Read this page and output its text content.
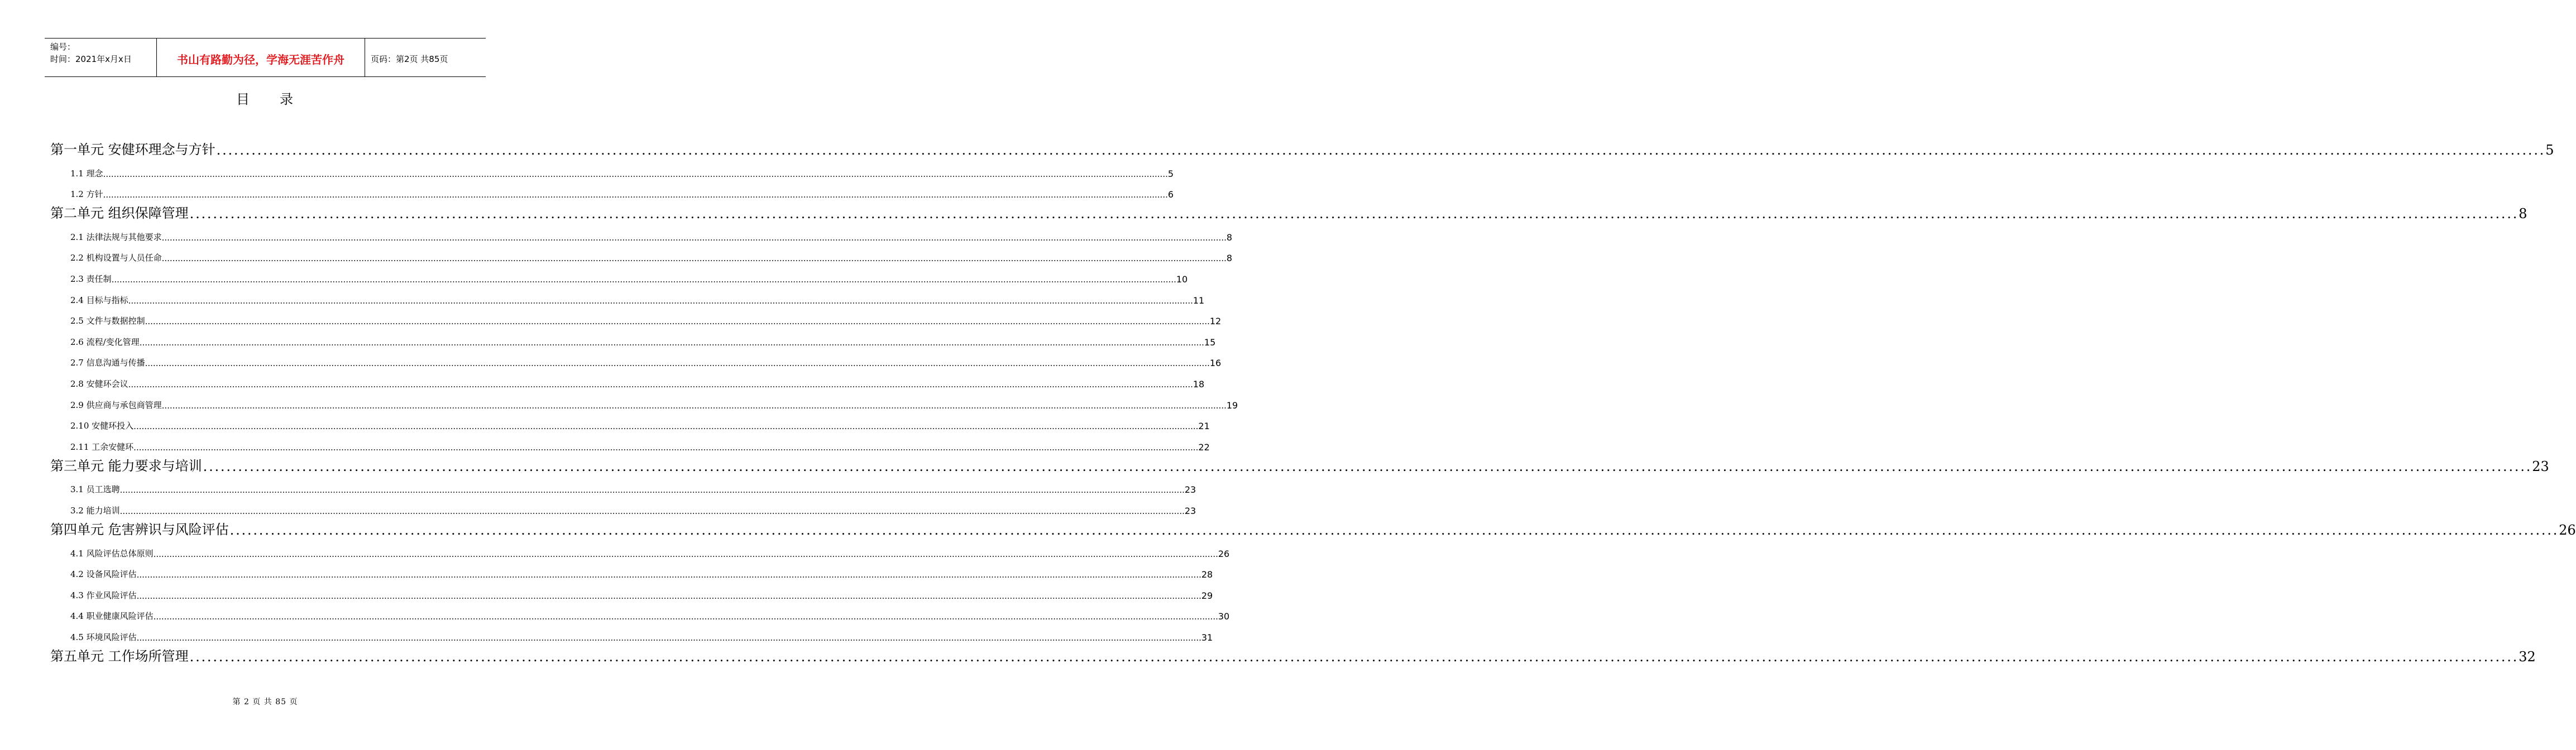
编号：
时间：2021年x月x日	书山有路勤为径，学海无涯苦作舟	页码：第2页 共85页
目 录
第一单元 安健环理念与方针 ................................................................................................................................................................................................................................................................................................................................................................................................................ 5
1.1 理念 ................................................................................................................................................................................................................................................................................................................................................................................................................ 5
1.2 方针 ................................................................................................................................................................................................................................................................................................................................................................................................................ 6
第二单元 组织保障管理 ................................................................................................................................................................................................................................................................................................................................................................................................................ 8
2.1 法律法规与其他要求 ................................................................................................................................................................................................................................................................................................................................................................................................................ 8
2.2 机构设置与人员任命 ................................................................................................................................................................................................................................................................................................................................................................................................................ 8
2.3 责任制 ................................................................................................................................................................................................................................................................................................................................................................................................................ 10
2.4 目标与指标 ................................................................................................................................................................................................................................................................................................................................................................................................................ 11
2.5 文件与数据控制 ................................................................................................................................................................................................................................................................................................................................................................................................................ 12
2.6 流程/变化管理 ................................................................................................................................................................................................................................................................................................................................................................................................................ 15
2.7 信息沟通与传播 ................................................................................................................................................................................................................................................................................................................................................................................................................ 16
2.8 安健环会议 ................................................................................................................................................................................................................................................................................................................................................................................................................ 18
2.9 供应商与承包商管理 ................................................................................................................................................................................................................................................................................................................................................................................................................ 19
2.10 安健环投入 ................................................................................................................................................................................................................................................................................................................................................................................................................ 21
2.11 工余安健环 ................................................................................................................................................................................................................................................................................................................................................................................................................ 22
第三单元 能力要求与培训 ................................................................................................................................................................................................................................................................................................................................................................................................................ 23
3.1 员工选聘 ................................................................................................................................................................................................................................................................................................................................................................................................................ 23
3.2 能力培训 ................................................................................................................................................................................................................................................................................................................................................................................................................ 23
第四单元 危害辨识与风险评估 ................................................................................................................................................................................................................................................................................................................................................................................................................ 26
4.1 风险评估总体原则 ................................................................................................................................................................................................................................................................................................................................................................................................................ 26
4.2 设备风险评估 ................................................................................................................................................................................................................................................................................................................................................................................................................ 28
4.3 作业风险评估 ................................................................................................................................................................................................................................................................................................................................................................................................................ 29
4.4 职业健康风险评估 ................................................................................................................................................................................................................................................................................................................................................................................................................ 30
4.5 环境风险评估 ................................................................................................................................................................................................................................................................................................................................................................................................................ 31
第五单元 工作场所管理 ................................................................................................................................................................................................................................................................................................................................................................................................................ 32
第 2 页 共 85 页
